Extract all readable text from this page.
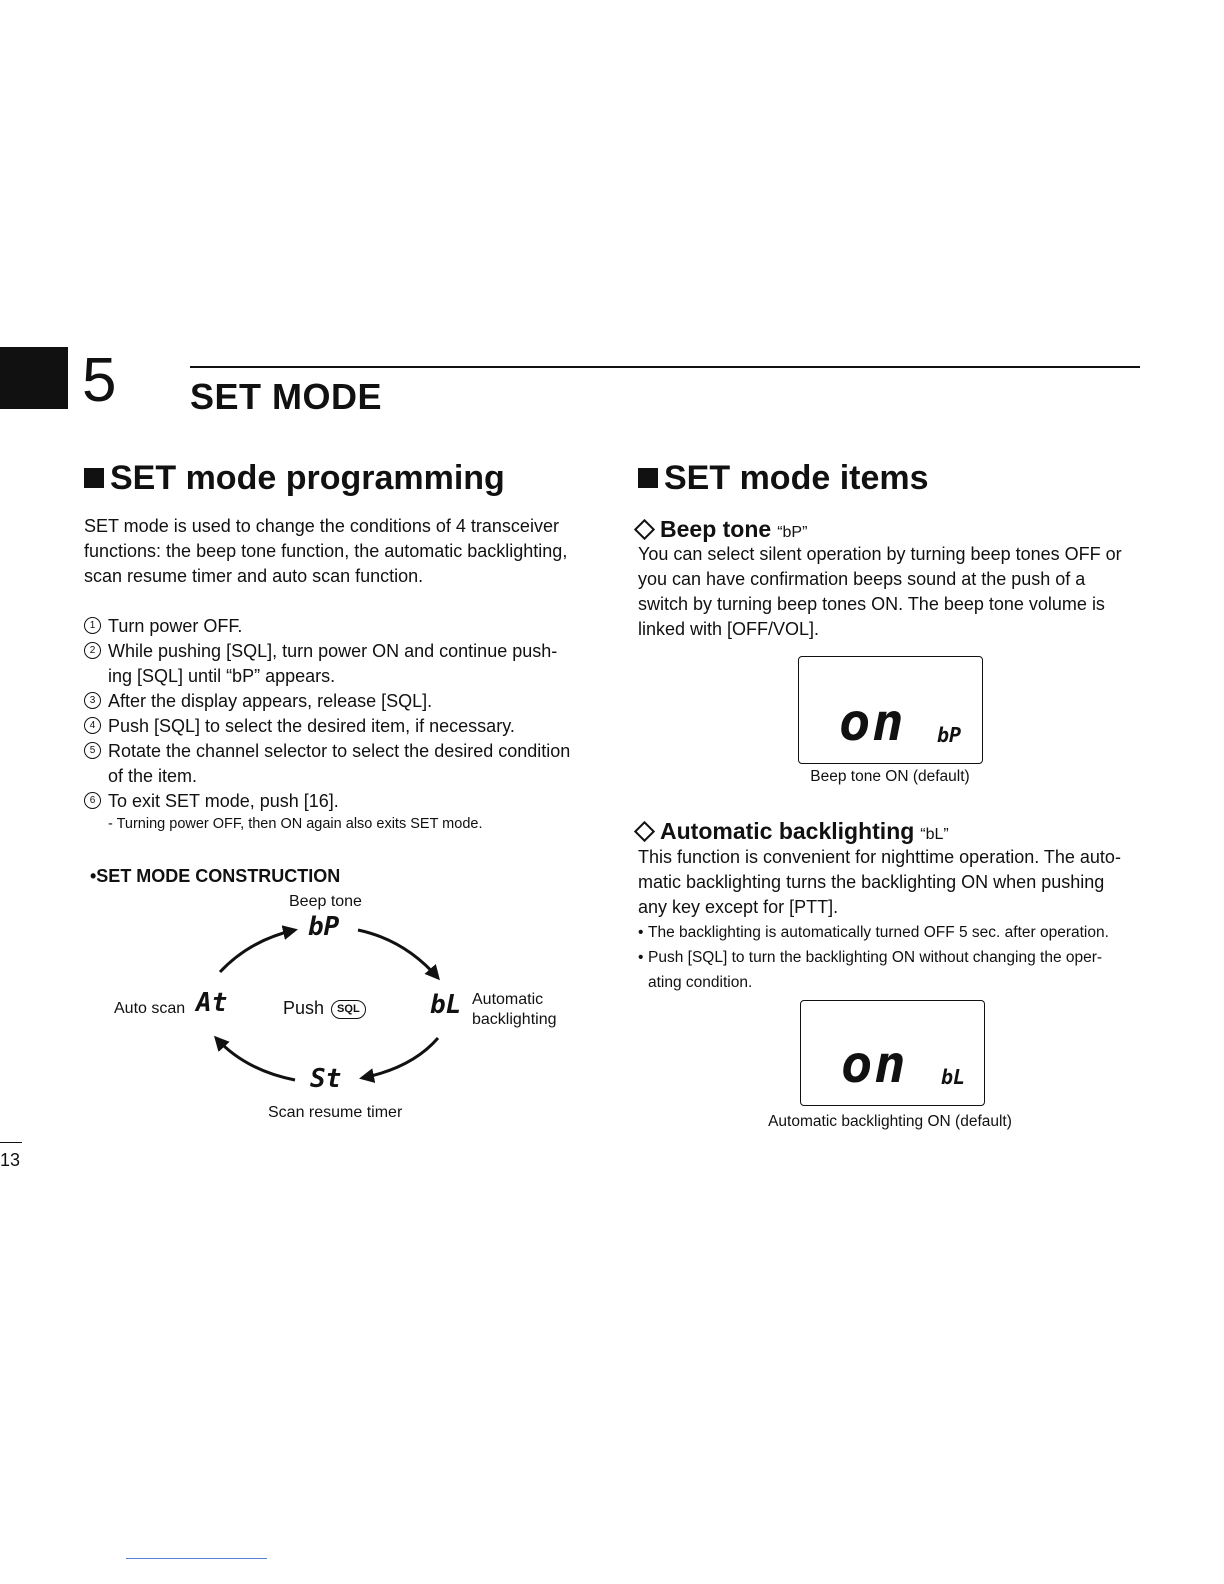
5 SET MODE
SET mode programming

SET mode is used to change the conditions of 4 transceiver

functions: the beep tone function, the automatic backlighting,

scan resume timer and auto scan function.

1 Turn power OFF.
2 While pushing [SQL], turn power ON and continue push-
ing [SQL] until “bP” appears.
3 After the display appears, release [SQL].
4 Push [SQL] to select the desired item, if necessary.
5 Rotate the channel selector to select the desired condition
of the item.
6 To exit SET mode, push [16].
- Turning power OFF, then ON again also exits SET mode.
•SET MODE CONSTRUCTION
Beep tone
bP
Auto scan At	Push SQL	bL Automatic
backlighting
St
Scan resume timer
SET mode items
Beep tone “bP”

You can select silent operation by turning beep tones OFF or

you can have confirmation beeps sound at the push of a

switch by turning beep tones ON. The beep tone volume is

linked with [OFF/VOL].

on bP
Beep tone ON (default)
Automatic backlighting “bL”

This function is convenient for nighttime operation. The auto-

matic backlighting turns the backlighting ON when pushing

any key except for [PTT].

• The backlighting is automatically turned OFF 5 sec. after operation.
• Push [SQL] to turn the backlighting ON without changing the oper-
ating condition.
on bL
Automatic backlighting ON (default)
13
